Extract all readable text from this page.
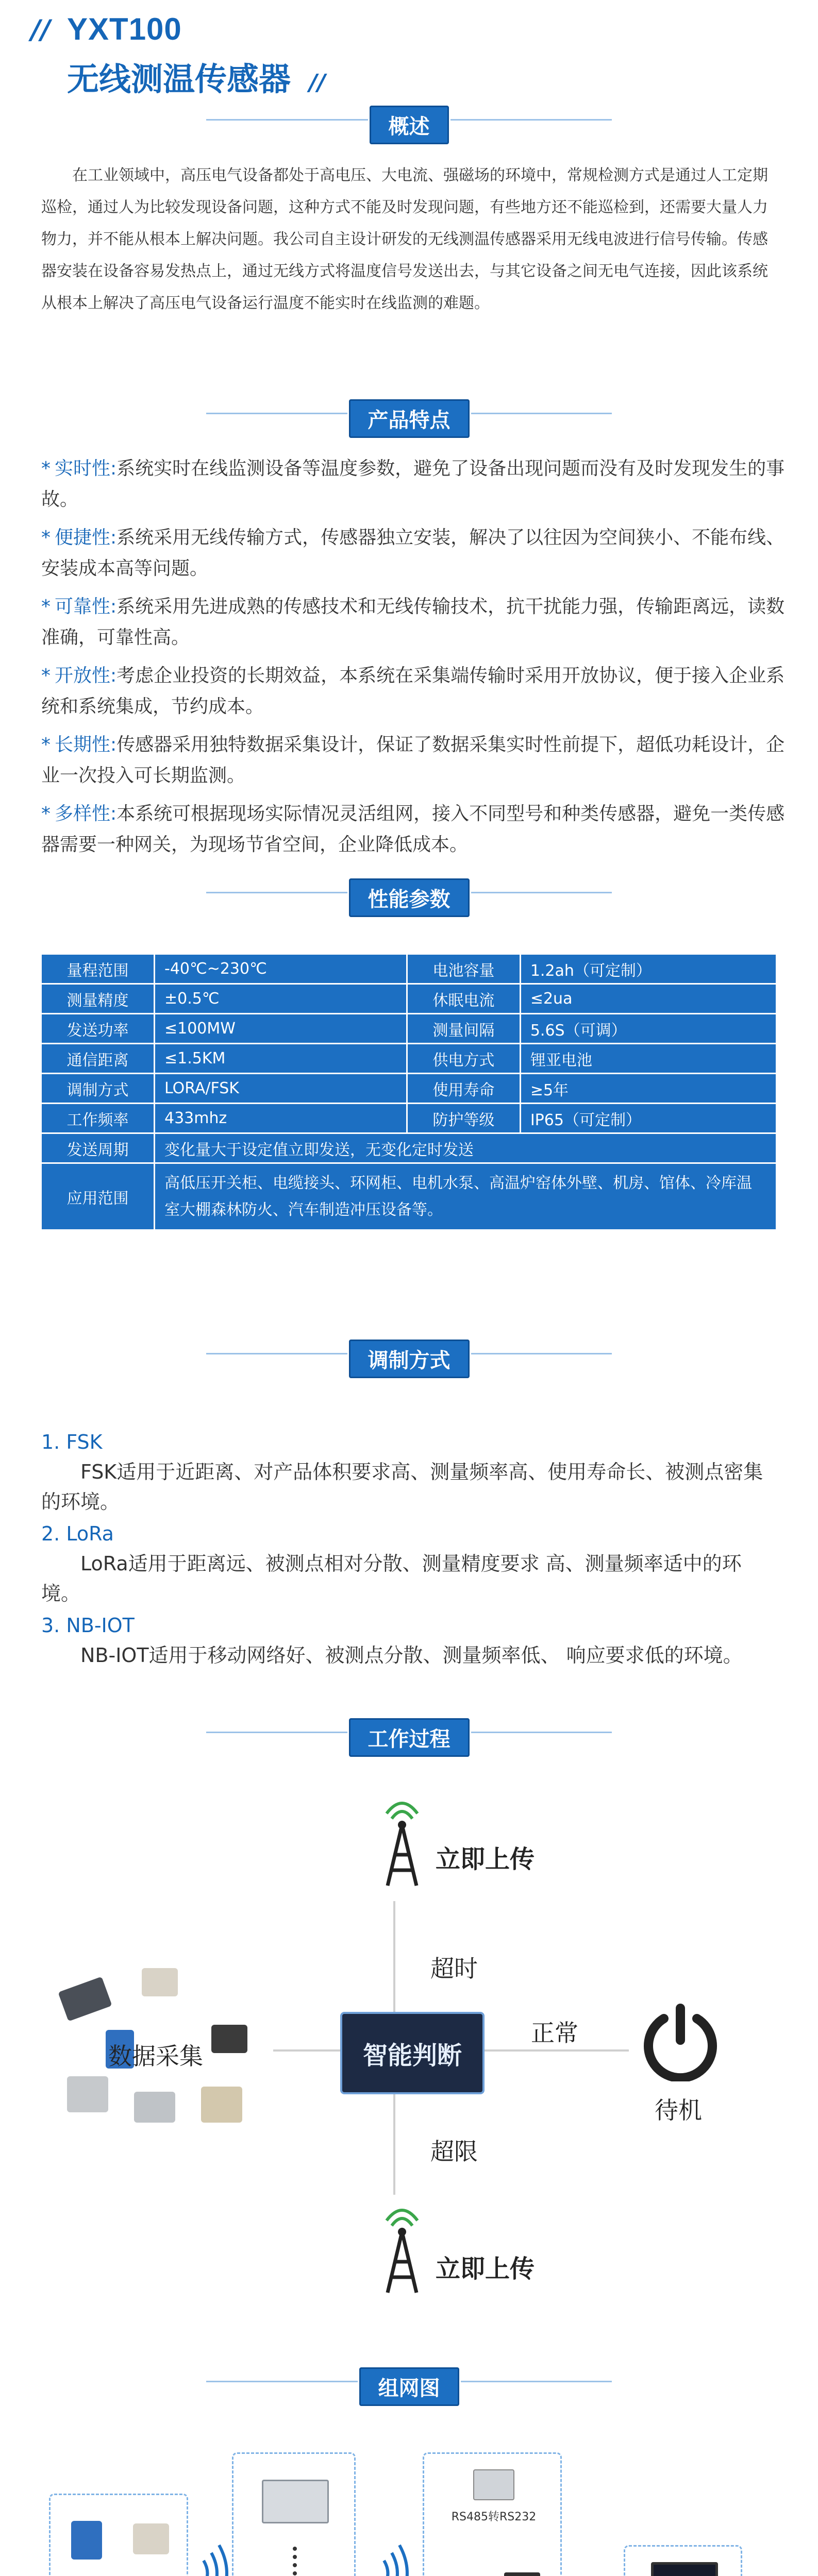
// YXT100
无线测温传感器 //
概述
在工业领域中，高压电气设备都处于高电压、大电流、强磁场的环境中，常规检测方式是通过人工定期巡检，通过人为比较发现设备问题，这种方式不能及时发现问题，有些地方还不能巡检到，还需要大量人力物力，并不能从根本上解决问题。我公司自主设计研发的无线测温传感器采用无线电波进行信号传输。传感器安装在设备容易发热点上，通过无线方式将温度信号发送出去，与其它设备之间无电气连接，因此该系统从根本上解决了高压电气设备运行温度不能实时在线监测的难题。
产品特点
* 实时性:系统实时在线监测设备等温度参数，避免了设备出现问题而没有及时发现发生的事故。
* 便捷性:系统采用无线传输方式，传感器独立安装，解决了以往因为空间狭小、不能布线、安装成本高等问题。
* 可靠性:系统采用先进成熟的传感技术和无线传输技术，抗干扰能力强，传输距离远，读数准确，可靠性高。
* 开放性:考虑企业投资的长期效益，本系统在采集端传输时采用开放协议，便于接入企业系统和系统集成，节约成本。
* 长期性:传感器采用独特数据采集设计，保证了数据采集实时性前提下，超低功耗设计，企业一次投入可长期监测。
* 多样性:本系统可根据现场实际情况灵活组网，接入不同型号和种类传感器，避免一类传感器需要一种网关，为现场节省空间，企业降低成本。
性能参数
量程范围	-40℃~230℃	电池容量	1.2ah（可定制）
测量精度	±0.5℃	休眠电流	≤2ua
发送功率	≤100MW	测量间隔	5.6S（可调）
通信距离	≤1.5KM	供电方式	锂亚电池
调制方式	LORA/FSK	使用寿命	≥5年
工作频率	433mhz	防护等级	IP65（可定制）
发送周期	变化量大于设定值立即发送，无变化定时发送		
应用范围	高低压开关柜、电缆接头、环网柜、电机水泵、高温炉窑体外壁、机房、馆体、冷库温室大棚森林防火、汽车制造冲压设备等。		
调制方式
1. FSK
FSK适用于近距离、对产品体积要求高、测量频率高、使用寿命长、被测点密集的环境。
2. LoRa
LoRa适用于距离远、被测点相对分散、测量精度要求 高、测量频率适中的环境。
3. NB-IOT
NB-IOT适用于移动网络好、被测点分散、测量频率低、 响应要求低的环境。
工作过程
立即上传
超时
数据采集	智能判断
正常
待机
超限
立即上传
组网图
RS485转RS232
